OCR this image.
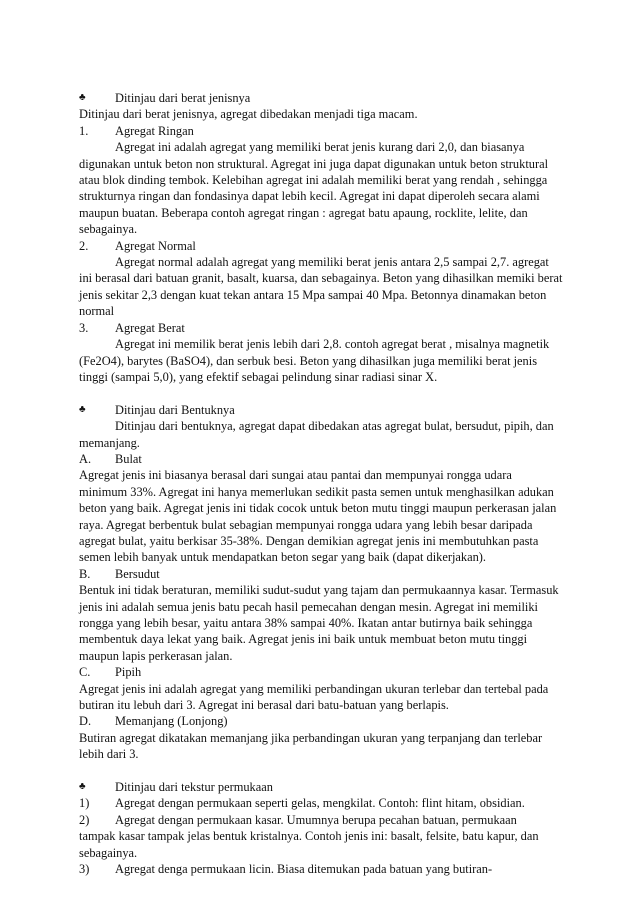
♣	Ditinjau dari berat jenisnya

Ditinjau dari berat jenisnya, agregat dibedakan menjadi tiga macam.

1.	Agregat Ringan

Agregat ini adalah agregat yang memiliki berat jenis kurang dari 2,0, dan biasanya digunakan untuk beton non struktural. Agregat ini juga dapat digunakan untuk beton struktural atau blok dinding tembok. Kelebihan agregat ini adalah memiliki berat yang rendah , sehingga strukturnya ringan dan fondasinya dapat lebih kecil. Agregat ini dapat diperoleh secara alami maupun buatan. Beberapa contoh agregat ringan : agregat batu apaung, rocklite, lelite, dan sebagainya.

2.	Agregat Normal

Agregat normal adalah agregat yang memiliki berat jenis antara 2,5 sampai 2,7. agregat ini berasal dari batuan granit, basalt, kuarsa, dan sebagainya. Beton yang dihasilkan memiki berat jenis sekitar 2,3 dengan kuat tekan antara 15 Mpa sampai 40 Mpa. Betonnya dinamakan beton normal

3.	Agregat Berat

Agregat ini memilik berat jenis lebih dari 2,8. contoh agregat berat , misalnya magnetik (Fe2O4), barytes (BaSO4), dan serbuk besi. Beton yang dihasilkan juga memiliki berat jenis tinggi (sampai 5,0), yang efektif sebagai pelindung sinar radiasi sinar X.

♣	Ditinjau dari Bentuknya

Ditinjau dari bentuknya, agregat dapat dibedakan atas agregat bulat, bersudut, pipih, dan memanjang.

A.	Bulat

Agregat jenis ini biasanya berasal dari sungai atau pantai dan mempunyai rongga udara minimum 33%. Agregat ini hanya memerlukan sedikit pasta semen untuk menghasilkan adukan beton yang baik. Agregat jenis ini tidak cocok untuk beton mutu tinggi maupun perkerasan jalan raya. Agregat berbentuk bulat sebagian mempunyai rongga udara yang lebih besar daripada agregat bulat, yaitu berkisar 35-38%. Dengan demikian agregat jenis ini membutuhkan pasta semen lebih banyak untuk mendapatkan beton segar yang baik (dapat dikerjakan).

B.	Bersudut

Bentuk ini tidak beraturan, memiliki sudut-sudut yang tajam dan permukaannya kasar. Termasuk jenis ini adalah semua jenis batu pecah hasil pemecahan dengan mesin. Agregat ini memiliki rongga yang lebih besar, yaitu antara 38% sampai 40%. Ikatan antar butirnya baik sehingga membentuk daya lekat yang baik. Agregat jenis ini baik untuk membuat beton mutu tinggi maupun lapis perkerasan jalan.

C.	Pipih

Agregat jenis ini adalah agregat yang memiliki perbandingan ukuran terlebar dan tertebal pada butiran itu lebuh dari 3. Agregat ini berasal dari batu-batuan yang berlapis.

D.	Memanjang (Lonjong)

Butiran agregat dikatakan memanjang jika perbandingan ukuran yang terpanjang dan terlebar lebih dari 3.

♣	Ditinjau dari tekstur permukaan
1)	Agregat dengan permukaan seperti gelas, mengkilat. Contoh: flint hitam, obsidian.
2)	Agregat dengan permukaan kasar. Umumnya berupa pecahan batuan, permukaan

tampak kasar tampak jelas bentuk kristalnya. Contoh jenis ini: basalt, felsite, batu kapur, dan sebagainya.

3)	Agregat denga permukaan licin. Biasa ditemukan pada batuan yang butiran-
